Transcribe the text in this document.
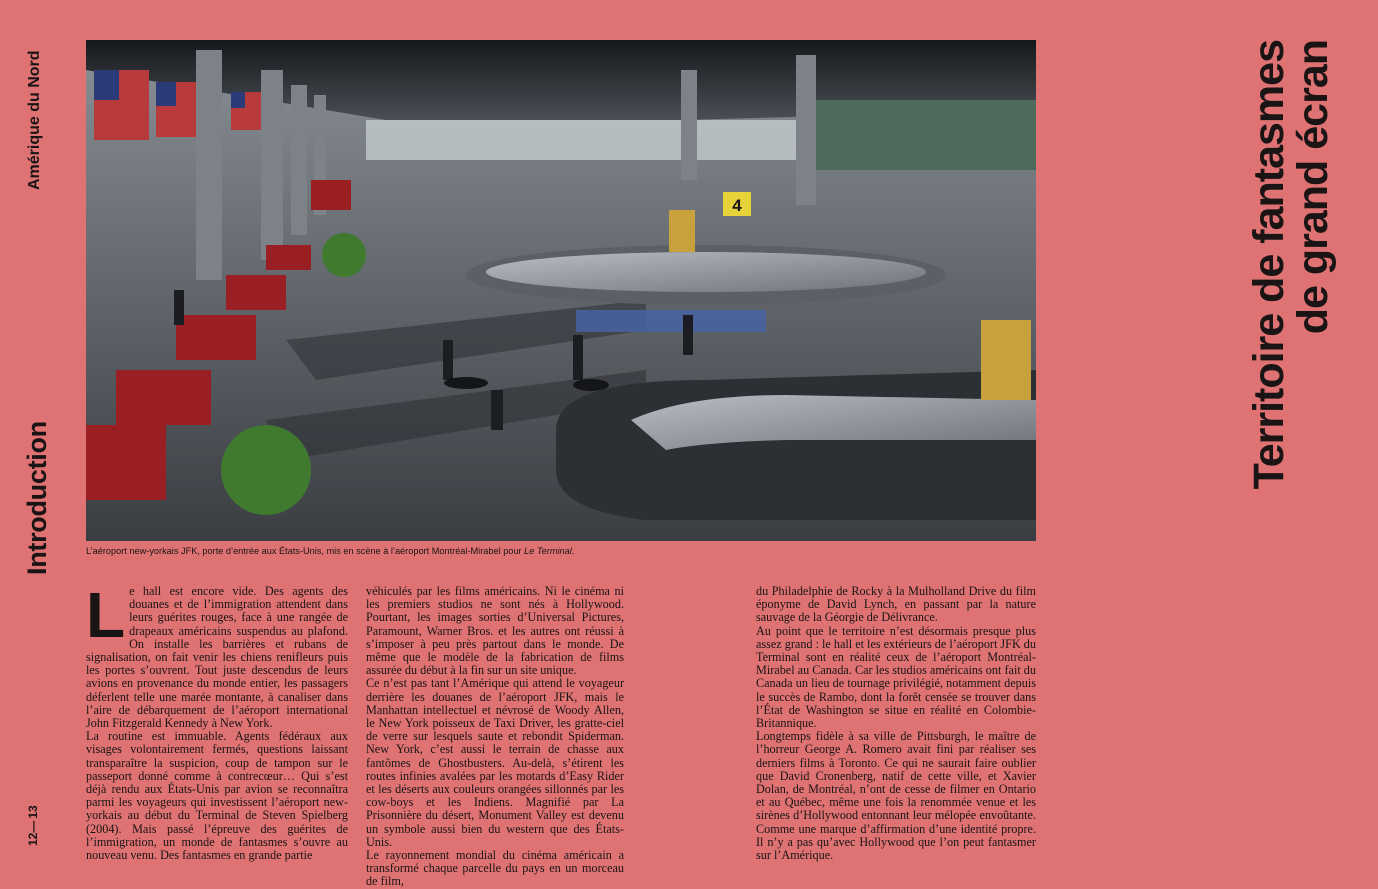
Amérique du Nord
Introduction
12—13
4
L’aéroport new-yorkais JFK, porte d’entrée aux États-Unis, mis en scène à l’aéroport Montréal-Mirabel pour Le Terminal.
L e hall est encore vide. Des agents des douanes et de l’immigration attendent dans leurs guérites rouges, face à une rangée de drapeaux américains suspendus au plafond. On installe les barrières et rubans de signalisation, on fait venir les chiens renifleurs puis les portes s’ouvrent. Tout juste descendus de leurs avions en provenance du monde entier, les passagers déferlent telle une marée montante, à canaliser dans l’aire de débarquement de l’aéroport international John Fitzgerald Kennedy à New York.

La routine est immuable. Agents fédéraux aux visages volontairement fermés, questions laissant transparaître la suspicion, coup de tampon sur le passeport donné comme à contrecœur… Qui s’est déjà rendu aux États-Unis par avion se reconnaîtra parmi les voyageurs qui investissent l’aéroport new-yorkais au début du Terminal de Steven Spielberg (2004). Mais passé l’épreuve des guérites de l’immigration, un monde de fantasmes s’ouvre au nouveau venu. Des fantasmes en grande partie

véhiculés par les films américains. Ni le cinéma ni les premiers studios ne sont nés à Hollywood. Pourtant, les images sorties d’Universal Pictures, Paramount, Warner Bros. et les autres ont réussi à s’imposer à peu près partout dans le monde. De même que le modèle de la fabrication de films assurée du début à la fin sur un site unique.

Ce n’est pas tant l’Amérique qui attend le voyageur derrière les douanes de l’aéroport JFK, mais le Manhattan intellectuel et névrosé de Woody Allen, le New York poisseux de Taxi Driver, les gratte-ciel de verre sur lesquels saute et rebondit Spiderman. New York, c’est aussi le terrain de chasse aux fantômes de Ghostbusters. Au-delà, s’étirent les routes infinies avalées par les motards d’Easy Rider et les déserts aux couleurs orangées sillonnés par les cow-boys et les Indiens. Magnifié par La Prisonnière du désert, Monument Valley est devenu un symbole aussi bien du western que des États-Unis.

Le rayonnement mondial du cinéma américain a transformé chaque parcelle du pays en un morceau de film,

du Philadelphie de Rocky à la Mulholland Drive du film éponyme de David Lynch, en passant par la nature sauvage de la Géorgie de Délivrance.

Au point que le territoire n’est désormais presque plus assez grand : le hall et les extérieurs de l’aéroport JFK du Terminal sont en réalité ceux de l’aéroport Montréal-Mirabel au Canada. Car les studios américains ont fait du Canada un lieu de tournage privilégié, notamment depuis le succès de Rambo, dont la forêt censée se trouver dans l’État de Washington se situe en réalité en Colombie-Britannique.

Longtemps fidèle à sa ville de Pittsburgh, le maître de l’horreur George A. Romero avait fini par réaliser ses derniers films à Toronto. Ce qui ne saurait faire oublier que David Cronenberg, natif de cette ville, et Xavier Dolan, de Montréal, n’ont de cesse de filmer en Ontario et au Québec, même une fois la renommée venue et les sirènes d’Hollywood entonnant leur mélopée envoûtante. Comme une marque d’affirmation d’une identité propre. Il n’y a pas qu’avec Hollywood que l’on peut fantasmer sur l’Amérique.

Territoire de fantasmes
de grand écran
